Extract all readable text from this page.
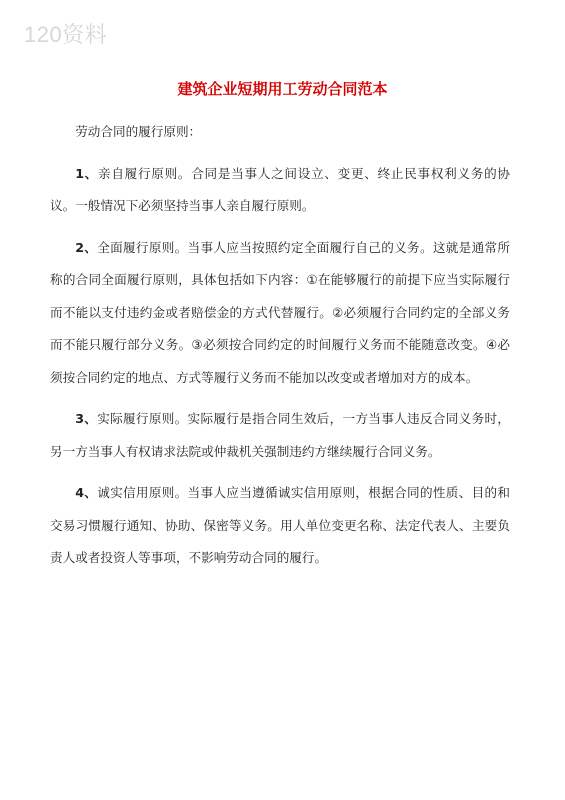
120资料
建筑企业短期用工劳动合同范本

劳动合同的履行原则：

1、亲自履行原则。合同是当事人之间设立、变更、终止民事权利义务的协议。一般情况下必须坚持当事人亲自履行原则。

2、全面履行原则。当事人应当按照约定全面履行自己的义务。这就是通常所称的合同全面履行原则，具体包括如下内容：①在能够履行的前提下应当实际履行而不能以支付违约金或者赔偿金的方式代替履行。②必须履行合同约定的全部义务而不能只履行部分义务。③必须按合同约定的时间履行义务而不能随意改变。④必须按合同约定的地点、方式等履行义务而不能加以改变或者增加对方的成本。

3、实际履行原则。实际履行是指合同生效后，一方当事人违反合同义务时，另一方当事人有权请求法院或仲裁机关强制违约方继续履行合同义务。

4、诚实信用原则。当事人应当遵循诚实信用原则，根据合同的性质、目的和交易习惯履行通知、协助、保密等义务。用人单位变更名称、法定代表人、主要负责人或者投资人等事项，不影响劳动合同的履行。
